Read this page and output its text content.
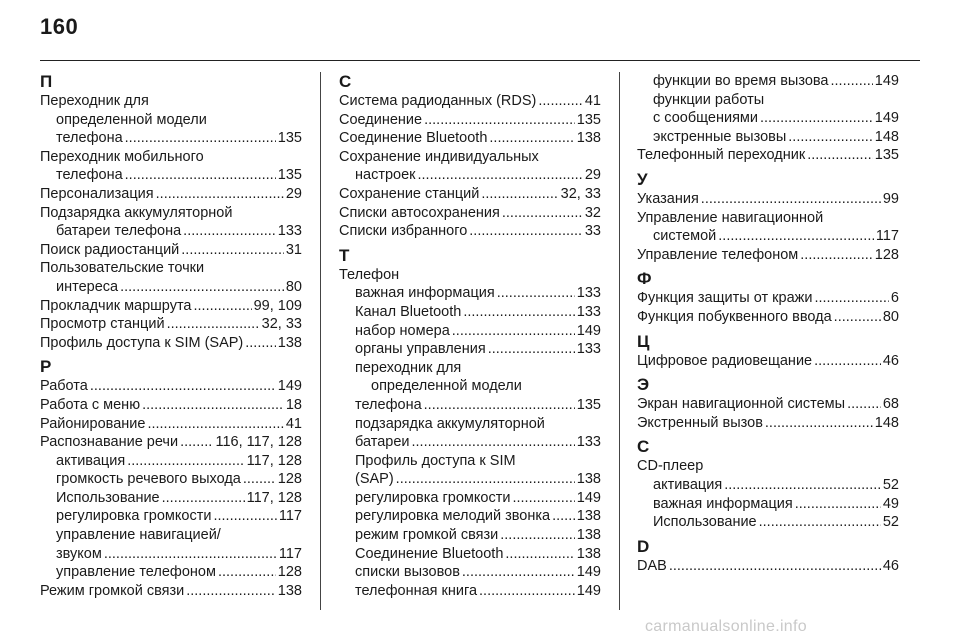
160
П
Переходник для
определенной модели
телефона .....	135
Переходник мобильного
телефона .....	135
Персонализация .....	29
Подзарядка аккумуляторной
батареи телефона .....	133
Поиск радиостанций .....	31
Пользовательские точки
интереса .....	80
Прокладчик маршрута .....	99, 109
Просмотр станций .....	32, 33
Профиль доступа к SIM (SAP) ..... 138
Р
Работа .....	149
Работа с меню .....	18
Районирование .....	41
Распознавание речи .....	116, 117, 128
активация .....	117, 128
громкость речевого выхода .....	128
Использование .....	117, 128
регулировка громкости .....	117
управление навигацией/
звуком .....	117
управление телефоном .....	128
Режим громкой связи .....	138
С
Система радиоданных (RDS) .....	41
Соединение .....	135
Соединение Bluetooth .....	138
Сохранение индивидуальных
настроек .....	29
Сохранение станций .....	32, 33
Списки автосохранения .....	32
Списки избранного .....	33
Т
Телефон
важная информация .....	133
Канал Bluetooth .....	133
набор номера .....	149
органы управления .....	133
переходник для
определенной модели
телефона .....	135
подзарядка аккумуляторной
батареи .....	133
Профиль доступа к SIM
(SAP) .....	138
регулировка громкости .....	149
регулировка мелодий звонка ..... 138
режим громкой связи .....	138
Соединение Bluetooth .....	138
списки вызовов .....	149
телефонная книга .....	149
функции во время вызова .....	149
функции работы
с сообщениями .....	149
экстренные вызовы .....	148
Телефонный переходник .....	135
У
Указания .....	99
Управление навигационной
системой .....	117
Управление телефоном .....	128
Ф
Функция защиты от кражи .....	6
Функция побуквенного ввода .....	80
Ц
Цифровое радиовещание .....	46
Э
Экран навигационной системы .....	68
Экстренный вызов .....	148
C
CD-плеер
активация .....	52
важная информация .....	49
Использование .....	52
D
DAB .....	46
carmanualsonline.info
